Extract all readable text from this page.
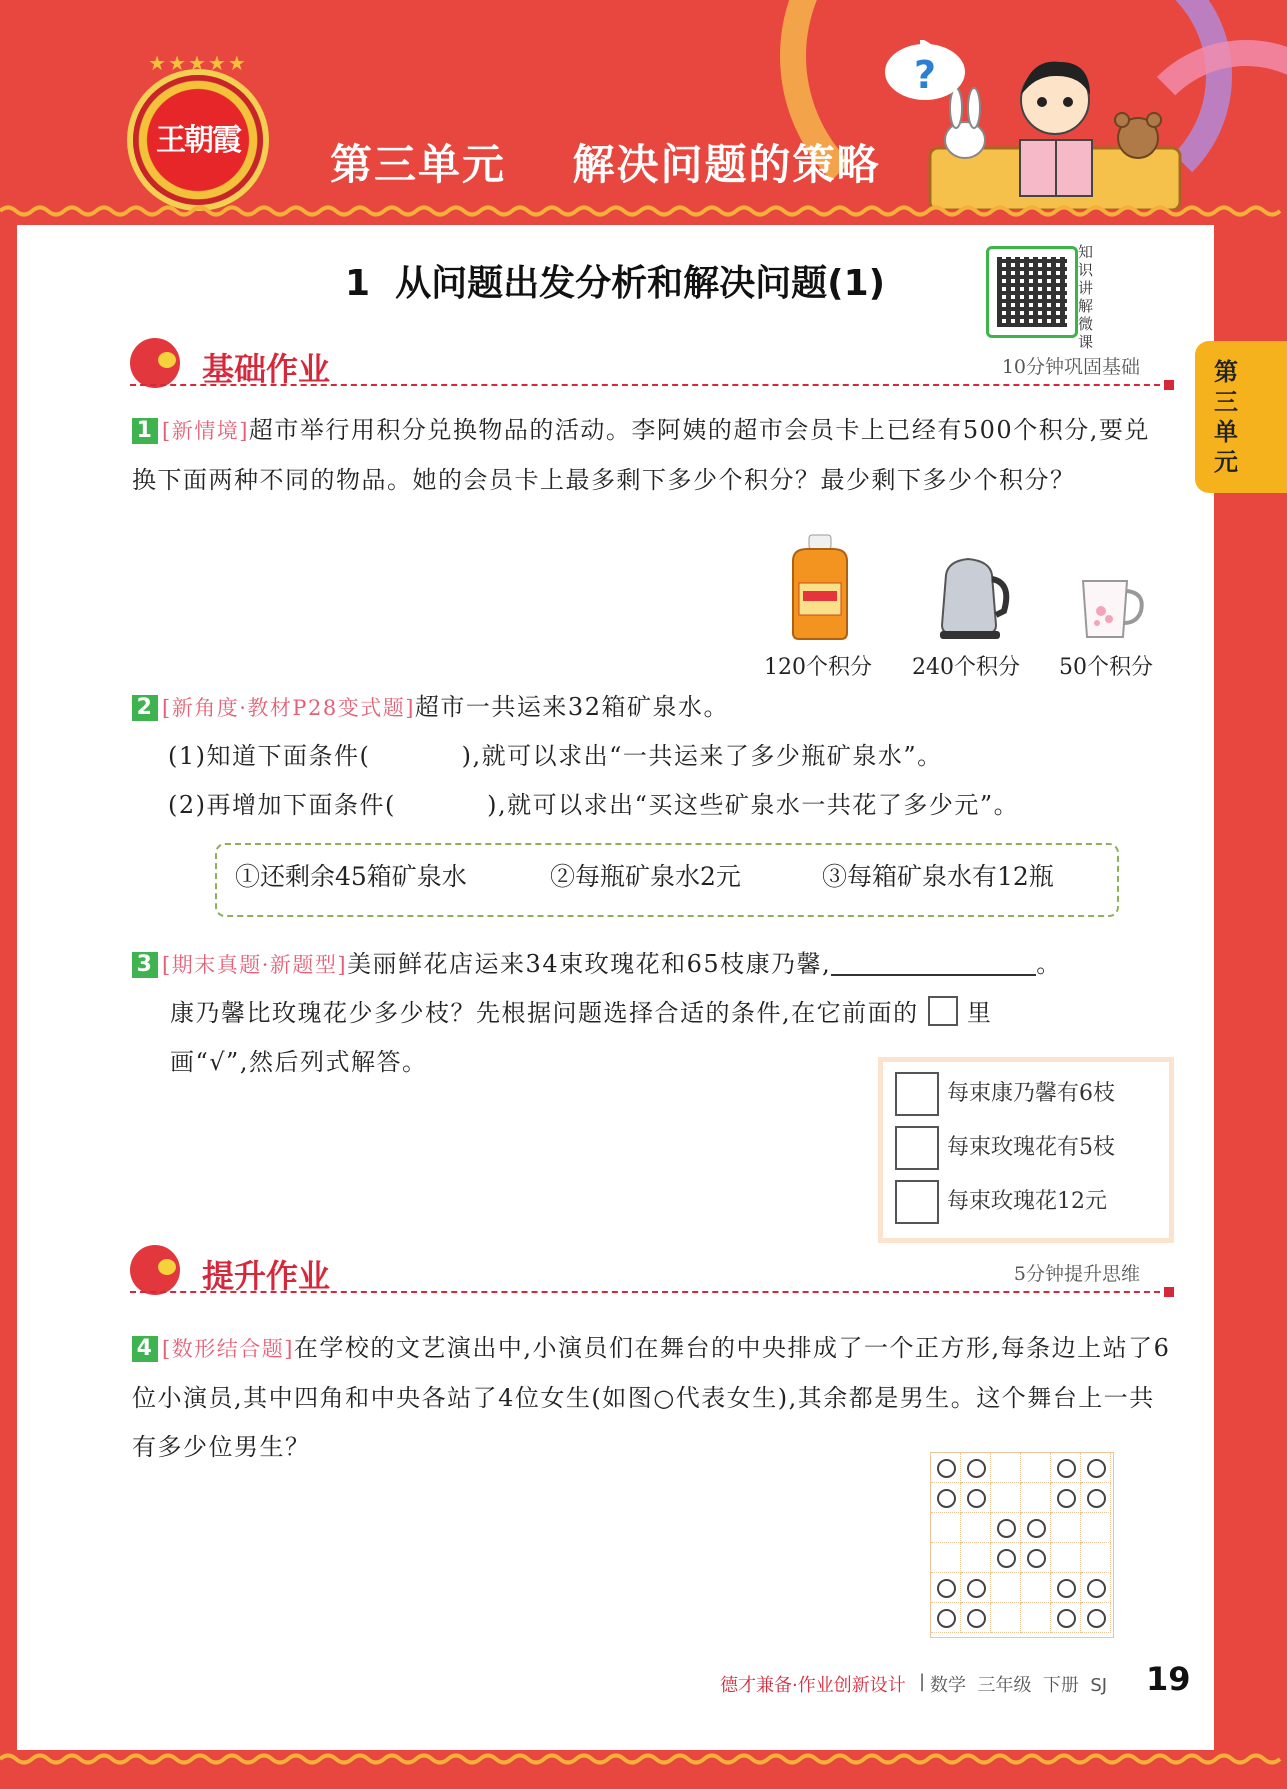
★★★★★
王朝霞	第三单元    解决问题的策略
?
第三单元
1  从问题出发分析和解决问题(1)
知识讲解微课
基础作业	10分钟巩固基础
1 [新情境]超市举行用积分兑换物品的活动。李阿姨的超市会员卡上已经有500个积分,要兑换下面两种不同的物品。她的会员卡上最多剩下多少个积分？最少剩下多少个积分？
120个积分 240个积分 50个积分
2 [新角度·教材P28变式题]超市一共运来32箱矿泉水。
(1)知道下面条件(          ),就可以求出“一共运来了多少瓶矿泉水”。
(2)再增加下面条件(          ),就可以求出“买这些矿泉水一共花了多少元”。
①还剩余45箱矿泉水	②每瓶矿泉水2元	③每箱矿泉水有12瓶
3 [期末真题·新题型]美丽鲜花店运来34束玫瑰花和65枝康乃馨,	。
康乃馨比玫瑰花少多少枝？先根据问题选择合适的条件,在它前面的 里
画“√”,然后列式解答。
每束康乃馨有6枝
每束玫瑰花有5枝
每束玫瑰花12元
提升作业	5分钟提升思维
4 [数形结合题]在学校的文艺演出中,小演员们在舞台的中央排成了一个正方形,每条边上站了6位小演员,其中四角和中央各站了4位女生(如图○代表女生),其余都是男生。这个舞台上一共有多少位男生？
德才兼备·作业创新设计 | 数学  三年级  下册  SJ 19
